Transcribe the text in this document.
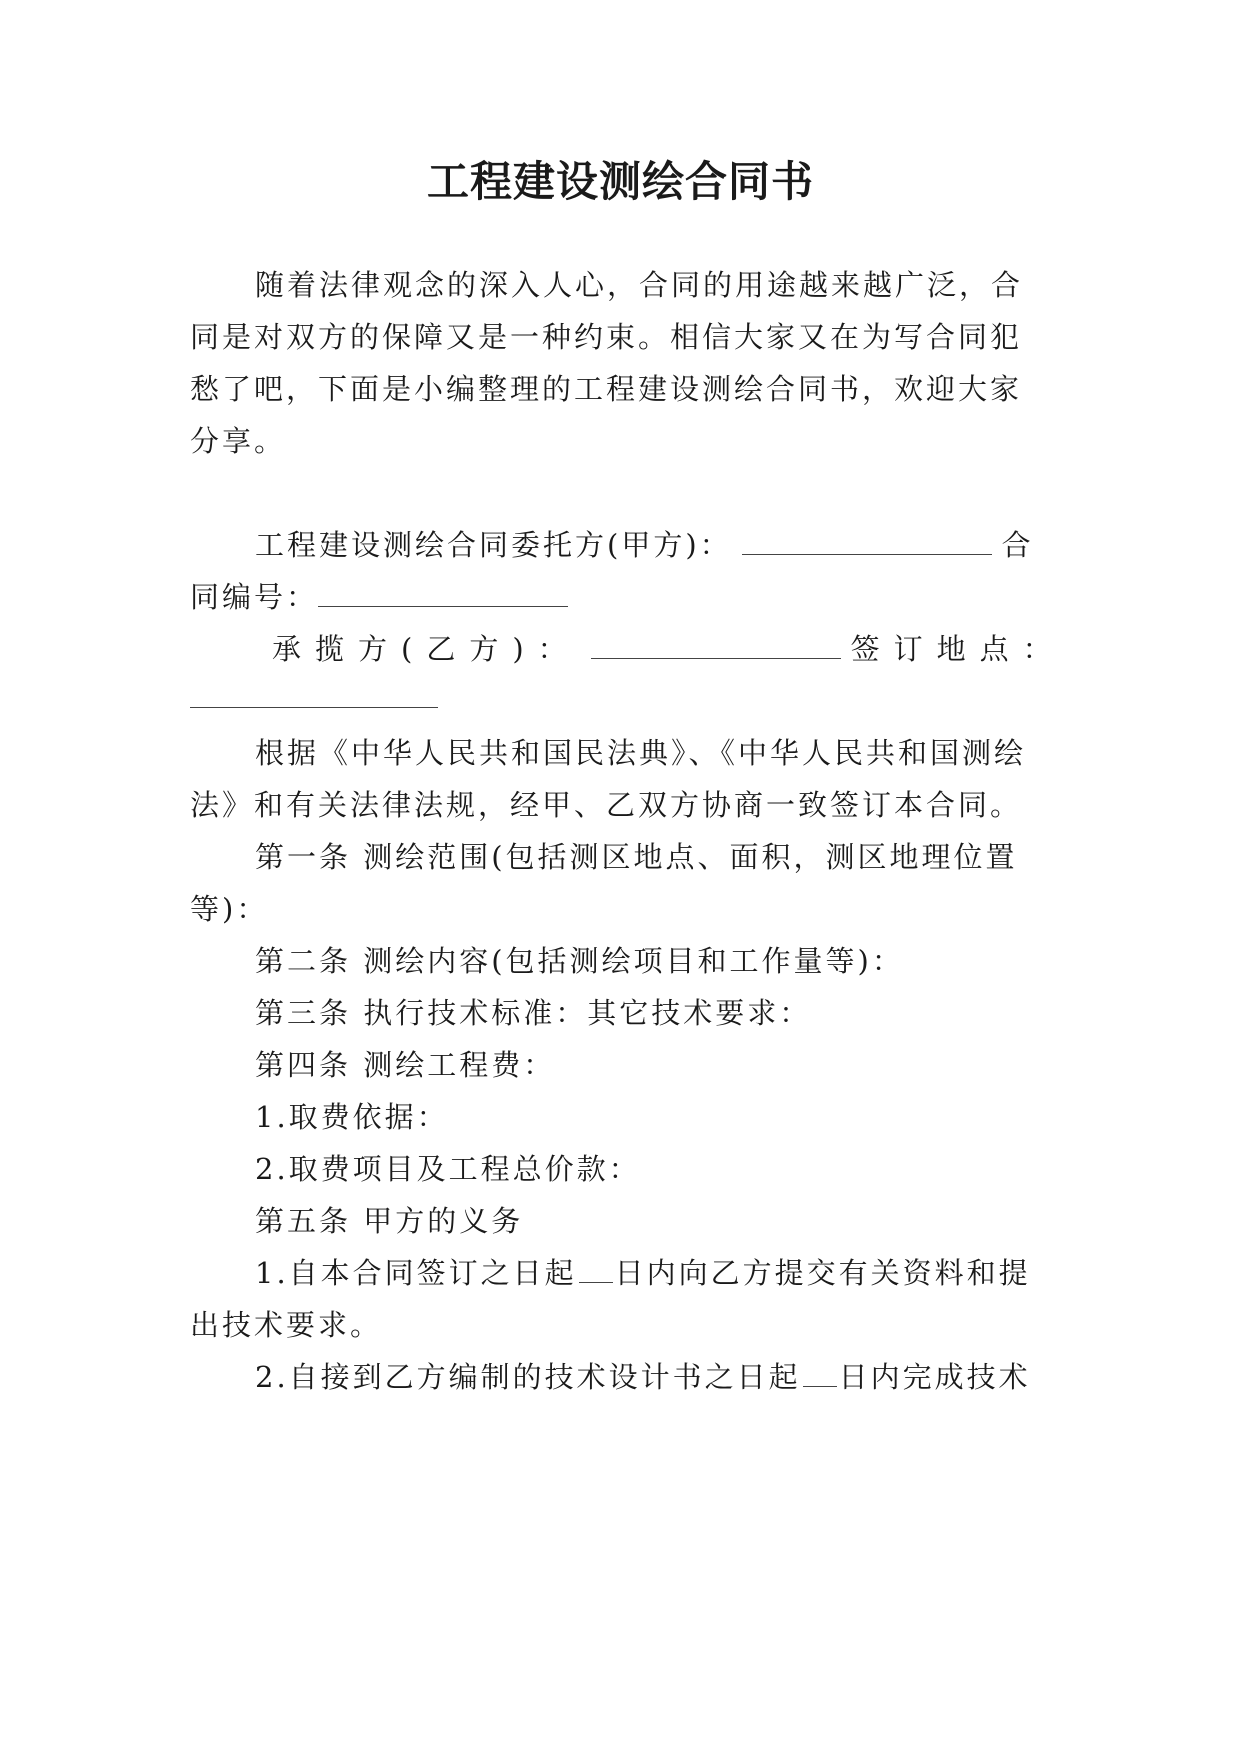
工程建设测绘合同书
随着法律观念的深入人心，合同的用途越来越广泛，合
同是对双方的保障又是一种约束。相信大家又在为写合同犯
愁了吧，下面是小编整理的工程建设测绘合同书，欢迎大家
分享。
工程建设测绘合同委托方(甲方)：	合
同编号：
承揽方(乙方)：	签订地点：
根据《中华人民共和国民法典》、《中华人民共和国测绘
法》和有关法律法规，经甲、乙双方协商一致签订本合同。
第一条 测绘范围(包括测区地点、面积，测区地理位置
等)：
第二条 测绘内容(包括测绘项目和工作量等)：
第三条 执行技术标准：其它技术要求：
第四条 测绘工程费：
1.取费依据：
2.取费项目及工程总价款：
第五条 甲方的义务
1.自本合同签订之日起 日内向乙方提交有关资料和提
出技术要求。
2.自接到乙方编制的技术设计书之日起 日内完成技术
